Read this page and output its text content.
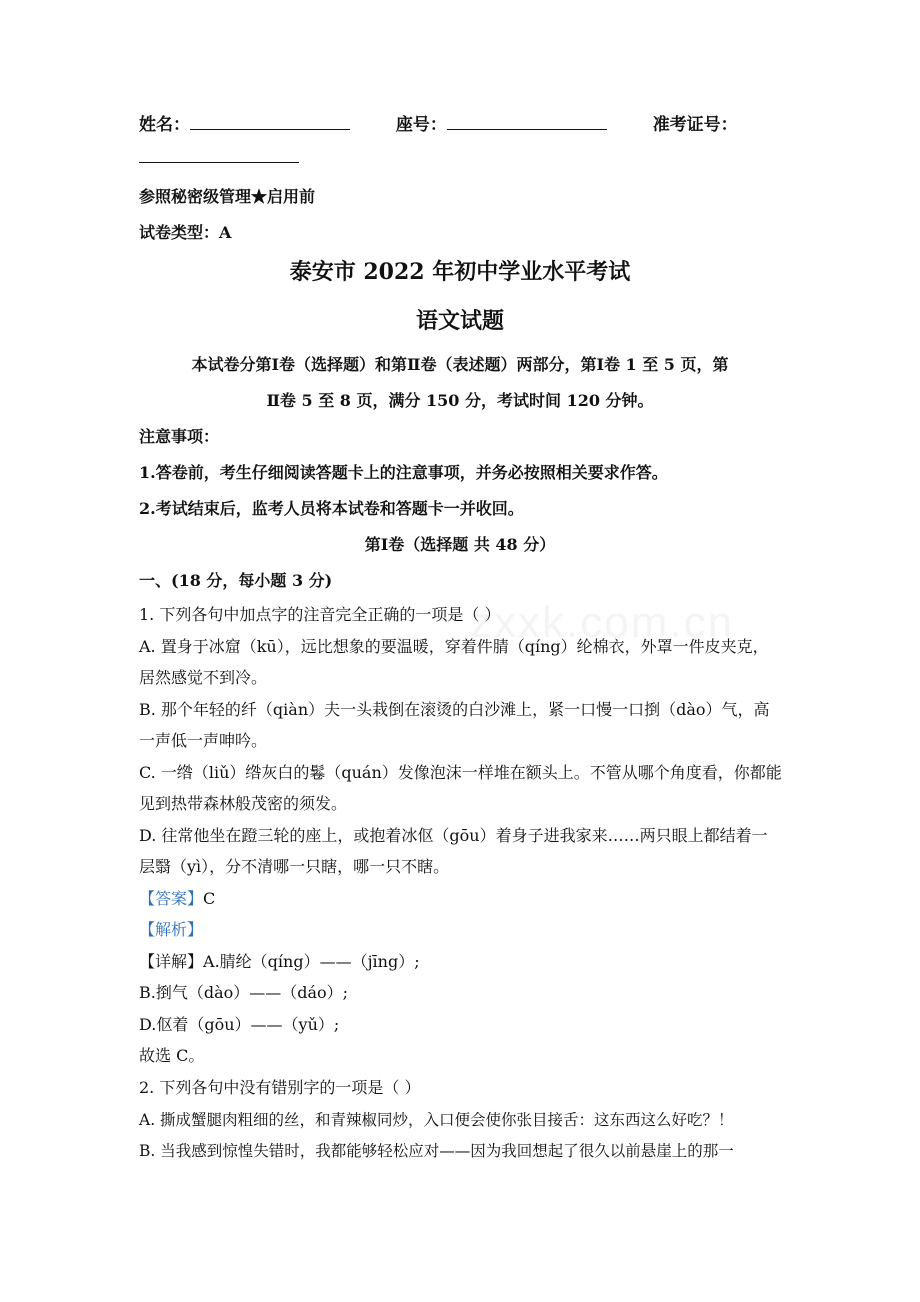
姓名：	座号：	准考证号：
参照秘密级管理★启用前
试卷类型：A
泰安市 2022 年初中学业水平考试
语文试题
本试卷分第Ⅰ卷（选择题）和第Ⅱ卷（表述题）两部分，第Ⅰ卷 1 至 5 页，第
Ⅱ卷 5 至 8 页，满分 150 分，考试时间 120 分钟。
注意事项：
1.答卷前，考生仔细阅读答题卡上的注意事项，并务必按照相关要求作答。
2.考试结束后，监考人员将本试卷和答题卡一并收回。
第Ⅰ卷（选择题 共 48 分）
一、(18 分，每小题 3 分)
1. 下列各句中加点字的注音完全正确的一项是（ ）
A. 置身于冰窟（kū），远比想象的要温暖，穿着件腈（qíng）纶棉衣，外罩一件皮夹克，
居然感觉不到冷。
B. 那个年轻的纤（qiàn）夫一头栽倒在滚烫的白沙滩上，紧一口慢一口捯（dào）气，高
一声低一声呻吟。
C. 一绺（liǔ）绺灰白的鬈（quán）发像泡沫一样堆在额头上。不管从哪个角度看，你都能
见到热带森林般茂密的须发。
D. 往常他坐在蹬三轮的座上，或抱着冰伛（gōu）着身子进我家来……两只眼上都结着一
层翳（yì），分不清哪一只瞎，哪一只不瞎。
【答案】C
【解析】
【详解】A.腈纶（qíng）——（jīng）;
B.捯气（dào）——（dáo）;
D.伛着（gōu）——（yǔ）;
故选 C。
2. 下列各句中没有错别字的一项是（ ）
A. 撕成蟹腿肉粗细的丝，和青辣椒同炒，入口便会使你张目接舌：这东西这么好吃？！
B. 当我感到惊惶失错时，我都能够轻松应对——因为我回想起了很久以前悬崖上的那一
zxxk.com.cn
